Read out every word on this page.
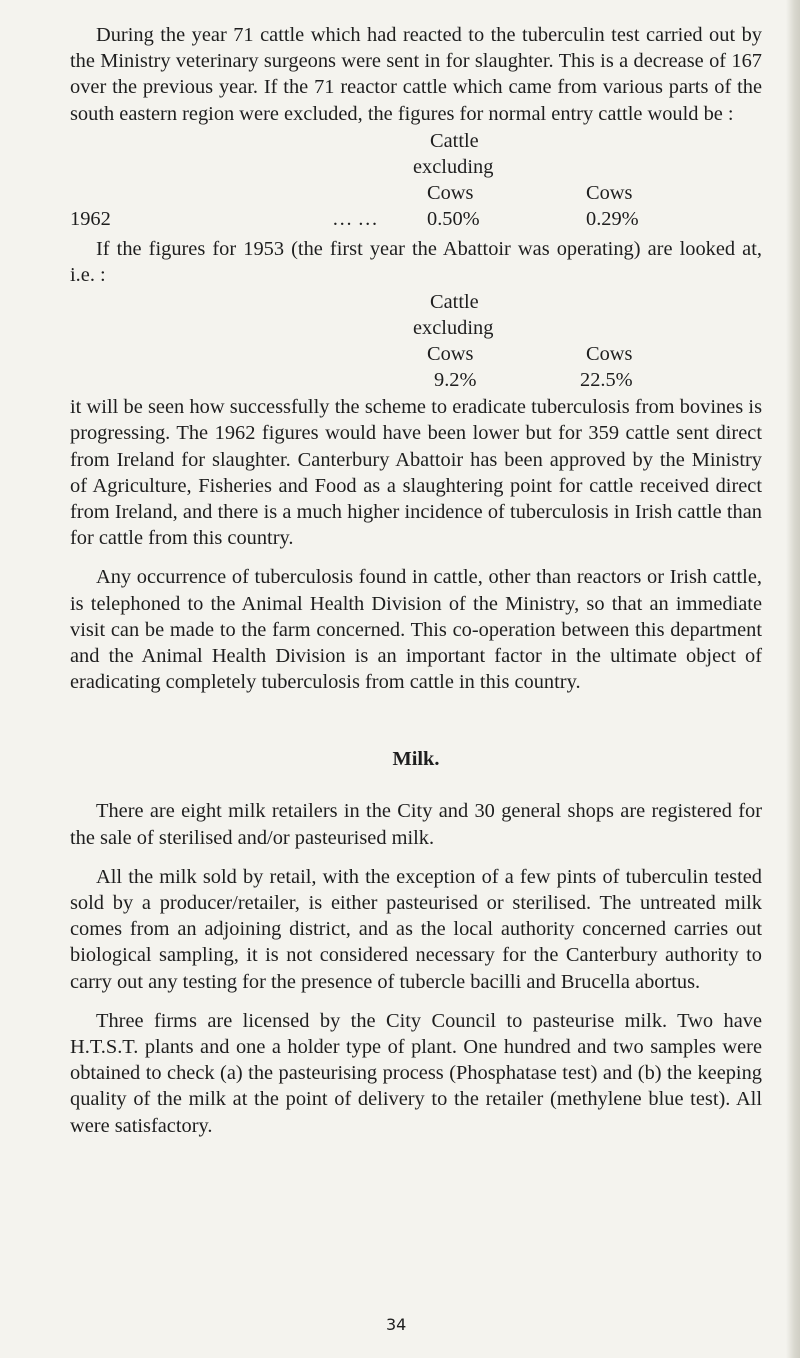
During the year 71 cattle which had reacted to the tuberculin test carried out by the Ministry veterinary surgeons were sent in for slaughter. This is a decrease of 167 over the previous year. If the 71 reactor cattle which came from various parts of the south eastern region were excluded, the figures for normal entry cattle would be :

Cattle
excluding
Cows	Cows
1962	… … 0.50%	0.29%

If the figures for 1953 (the first year the Abattoir was operating) are looked at, i.e. :

Cattle
excluding
Cows	Cows
9.2%	22.5%

it will be seen how successfully the scheme to eradicate tuberculosis from bovines is progressing. The 1962 figures would have been lower but for 359 cattle sent direct from Ireland for slaughter. Canterbury Abattoir has been approved by the Ministry of Agriculture, Fisheries and Food as a slaughtering point for cattle received direct from Ireland, and there is a much higher incidence of tuberculosis in Irish cattle than for cattle from this country.

Any occurrence of tuberculosis found in cattle, other than reactors or Irish cattle, is telephoned to the Animal Health Division of the Ministry, so that an immediate visit can be made to the farm concerned. This co-operation between this department and the Animal Health Division is an important factor in the ultimate object of eradicating completely tuberculosis from cattle in this country.

Milk.

There are eight milk retailers in the City and 30 general shops are registered for the sale of sterilised and/or pasteurised milk.

All the milk sold by retail, with the exception of a few pints of tuberculin tested sold by a producer/retailer, is either pasteurised or sterilised. The untreated milk comes from an adjoining district, and as the local authority concerned carries out biological sampling, it is not considered necessary for the Canterbury authority to carry out any testing for the presence of tubercle bacilli and Brucella abortus.

Three firms are licensed by the City Council to pasteurise milk. Two have H.T.S.T. plants and one a holder type of plant. One hundred and two samples were obtained to check (a) the pasteurising process (Phosphatase test) and (b) the keeping quality of the milk at the point of delivery to the retailer (methylene blue test). All were satisfactory.

34
